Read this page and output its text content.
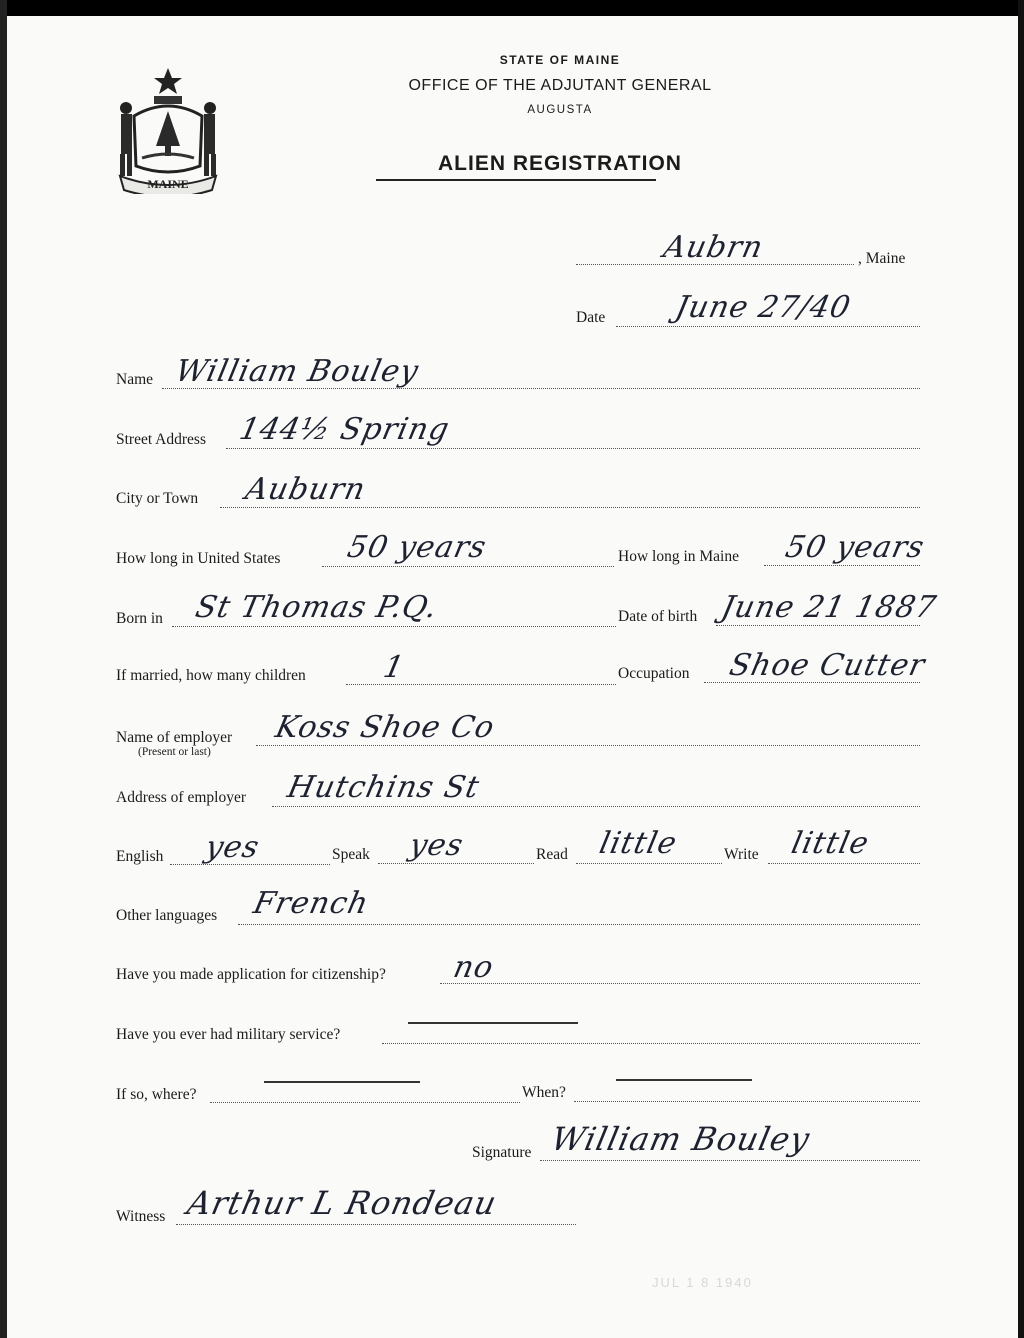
MAINE
STATE OF MAINE
OFFICE OF THE ADJUTANT GENERAL
AUGUSTA
ALIEN REGISTRATION
Aubrn	, Maine
Date June 27/40
Name William Bouley
Street Address 144½ Spring
City or Town Auburn
How long in United States 50 years	How long in Maine 50 years
Born in St Thomas P.Q.	Date of birth June 21 1887
If married, how many children 1	Occupation Shoe Cutter
Name of employer
(Present or last)
Koss Shoe Co
Address of employer Hutchins St
English yes	Speak yes	Read little	Write little
Other languages French
Have you made application for citizenship? no
Have you ever had military service?
If so, where?	When?
Signature William Bouley
Witness Arthur L Rondeau
JUL 1 8 1940
